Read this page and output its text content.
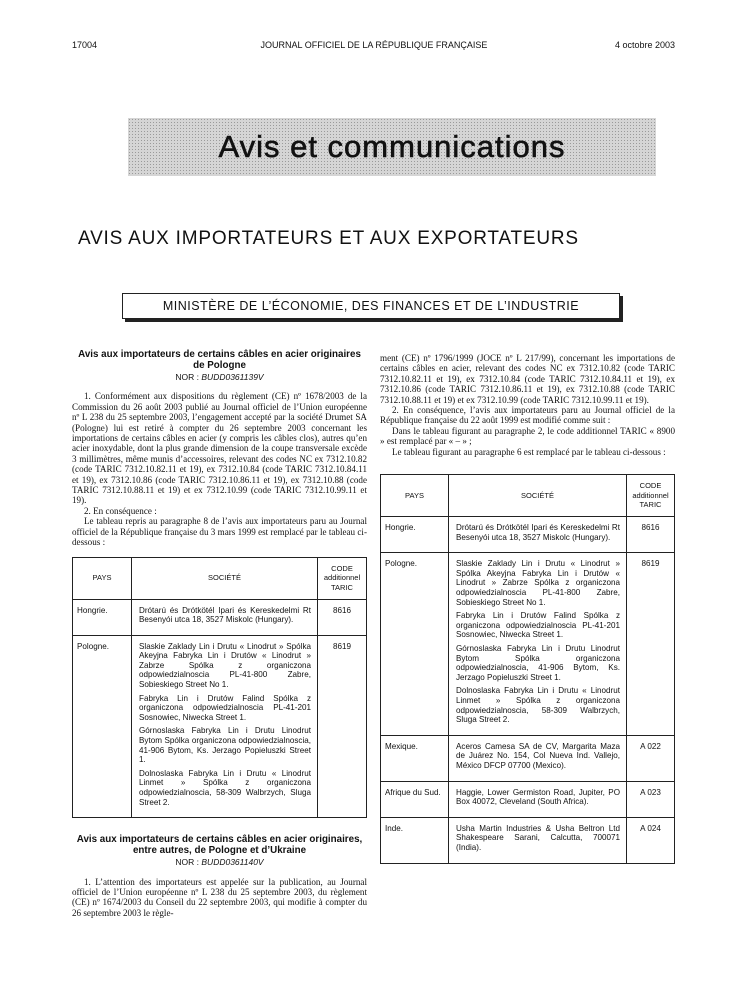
17004	JOURNAL OFFICIEL DE LA RÉPUBLIQUE FRANÇAISE	4 octobre 2003
Avis et communications
AVIS AUX IMPORTATEURS ET AUX EXPORTATEURS
MINISTÈRE DE L’ÉCONOMIE, DES FINANCES ET DE L’INDUSTRIE
Avis aux importateurs de certains câbles en acier originaires de Pologne
NOR : BUDD0361139V

1. Conformément aux dispositions du règlement (CE) nº 1678/2003 de la Commission du 26 août 2003 publié au Journal officiel de l’Union européenne nº L 238 du 25 septembre 2003, l’engagement accepté par la société Drumet SA (Pologne) lui est retiré à compter du 26 septembre 2003 concernant les importations de certains câbles en acier (y compris les câbles clos), autres qu’en acier inoxydable, dont la plus grande dimension de la coupe transversale excède 3 millimètres, même munis d’accessoires, relevant des codes NC ex 7312.10.82 (code TARIC 7312.10.82.11 et 19), ex 7312.10.84 (code TARIC 7312.10.84.11 et 19), ex 7312.10.86 (code TARIC 7312.10.86.11 et 19), ex 7312.10.88 (code TARIC 7312.10.88.11 et 19) et ex 7312.10.99 (code TARIC 7312.10.99.11 et 19).

2. En conséquence :

Le tableau repris au paragraphe 8 de l’avis aux importateurs paru au Journal officiel de la République française du 3 mars 1999 est remplacé par le tableau ci-dessous :

PAYS	SOCIÉTÉ	CODE additionnel TARIC
Hongrie.	Drótarú és Drótkötél Ipari és Kereskedelmi Rt Besenyói utca 18, 3527 Miskolc (Hungary).	8616
Pologne.	Slaskie Zaklady Lin i Drutu « Linodrut » Spólka Akeyjna Fabryka Lin i Drutów « Linodrut » Zabrze Spólka z organiczona odpowiedzialnoscia PL-41-800 Zabre, Sobieskiego Street No 1.
Fabryka Lin i Drutów Falind Spólka z organiczona odpowiedzialnoscia PL-41-201 Sosnowiec, Niwecka Street 1.
Górnoslaska Fabryka Lin i Drutu Linodrut Bytom Spólka organiczona odpowiedzialnoscia, 41-906 Bytom, Ks. Jerzago Popieluszki Street 1.
Dolnoslaska Fabryka Lin i Drutu « Linodrut Linmet » Spólka z organiczona odpowiedzialnoscia, 58-309 Walbrzych, Sluga Street 2.	8619
Avis aux importateurs de certains câbles en acier originaires, entre autres, de Pologne et d’Ukraine
NOR : BUDD0361140V

1. L’attention des importateurs est appelée sur la publication, au Journal officiel de l’Union européenne nº L 238 du 25 septembre 2003, du règlement (CE) nº 1674/2003 du Conseil du 22 septembre 2003, qui modifie à compter du 26 septembre 2003 le règle-

ment (CE) nº 1796/1999 (JOCE nº L 217/99), concernant les importations de certains câbles en acier, relevant des codes NC ex 7312.10.82 (code TARIC 7312.10.82.11 et 19), ex 7312.10.84 (code TARIC 7312.10.84.11 et 19), ex 7312.10.86 (code TARIC 7312.10.86.11 et 19), ex 7312.10.88 (code TARIC 7312.10.88.11 et 19) et ex 7312.10.99 (code TARIC 7312.10.99.11 et 19).

2. En conséquence, l’avis aux importateurs paru au Journal officiel de la République française du 22 août 1999 est modifié comme suit :

Dans le tableau figurant au paragraphe 2, le code additionnel TARIC « 8900 » est remplacé par « – » ;

Le tableau figurant au paragraphe 6 est remplacé par le tableau ci-dessous :

PAYS	SOCIÉTÉ	CODE additionnel TARIC
Hongrie.	Drótarú és Drótkötél Ipari és Kereskedelmi Rt Besenyói utca 18, 3527 Miskolc (Hungary).	8616
Pologne.	Slaskie Zaklady Lin i Drutu « Linodrut » Spólka Akeyjna Fabryka Lin i Drutów « Linodrut » Zabrze Spólka z organiczona odpowiedzialnoscia PL-41-800 Zabre, Sobieskiego Street No 1.
Fabryka Lin i Drutów Falind Spólka z organiczona odpowiedzialnoscia PL-41-201 Sosnowiec, Niwecka Street 1.
Górnoslaska Fabryka Lin i Drutu Linodrut Bytom Spólka organiczona odpowiedzialnoscia, 41-906 Bytom, Ks. Jerzago Popieluszki Street 1.
Dolnoslaska Fabryka Lin i Drutu « Linodrut Linmet » Spólka z organiczona odpowiedzialnoscia, 58-309 Walbrzych, Sluga Street 2.	8619
Mexique.	Aceros Camesa SA de CV, Margarita Maza de Juárez No. 154, Col Nueva Ind. Vallejo, México DFCP 07700 (Mexico).	A 022
Afrique du Sud.	Haggie, Lower Germiston Road, Jupiter, PO Box 40072, Cleveland (South Africa).	A 023
Inde.	Usha Martin Industries & Usha Beltron Ltd Shakespeare Sarani, Calcutta, 700071 (India).	A 024
